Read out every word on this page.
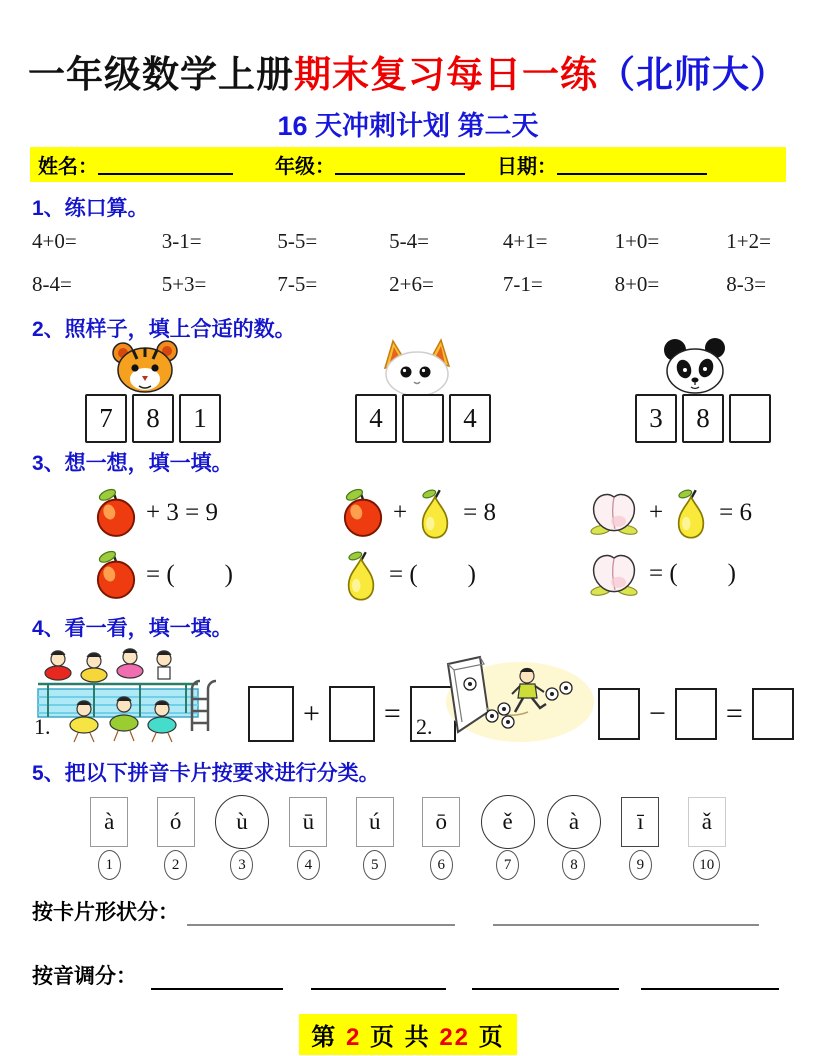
一年级数学上册期末复习每日一练（北师大）
16 天冲刺计划 第二天
姓名：	年级：	日期：
1、练口算。
4+0=	3-1=	5-5=	5-4=	4+1=	1+0=	1+2=
8-4=	5+3=	7-5=	2+6=	7-1=	8+0=	8-3=
2、照样子，填上合适的数。
7	8	1	4	4	3	8
3、想一想，填一填。
+ 3 = 9	+ = 8	+ = 6
= (        )	= (        )	= (        )
4、看一看，填一填。
1.	+ = 2.	− =
5、把以下拼音卡片按要求进行分类。
à	ó	ù	ū	ú	ō	ě	à	ī	ǎ
1	2	3	4	5	6	7	8	9	10
按卡片形状分：
按音调分：
第 2 页 共 22 页
